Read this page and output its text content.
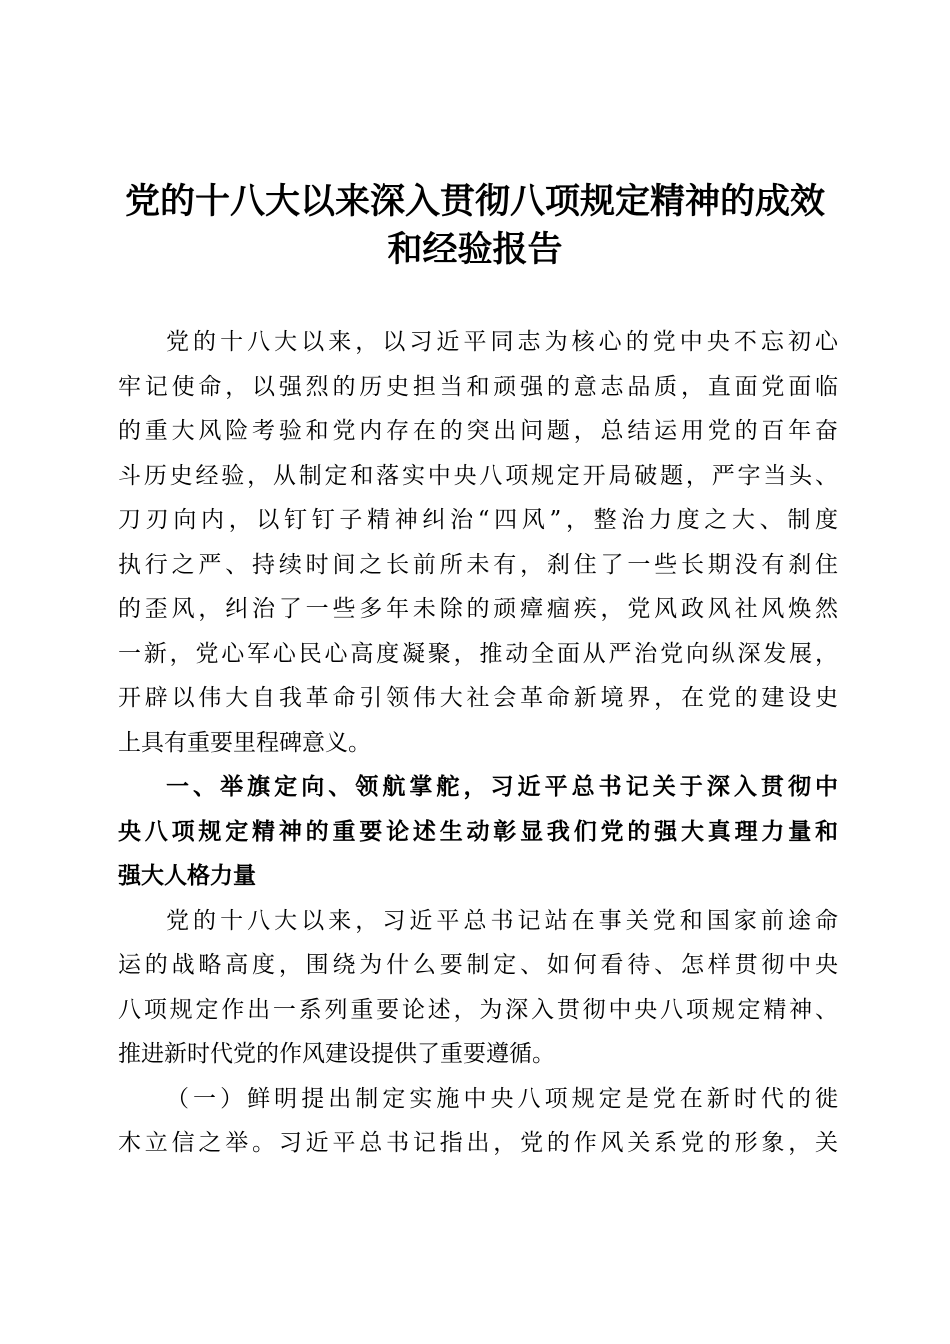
党的十八大以来深入贯彻八项规定精神的成效
和经验报告
党的十八大以来，以习近平同志为核心的党中央不忘初心
牢记使命，以强烈的历史担当和顽强的意志品质，直面党面临
的重大风险考验和党内存在的突出问题，总结运用党的百年奋
斗历史经验，从制定和落实中央八项规定开局破题，严字当头、
刀刃向内，以钉钉子精神纠治“四风”，整治力度之大、制度
执行之严、持续时间之长前所未有，刹住了一些长期没有刹住
的歪风，纠治了一些多年未除的顽瘴痼疾，党风政风社风焕然
一新，党心军心民心高度凝聚，推动全面从严治党向纵深发展，
开辟以伟大自我革命引领伟大社会革命新境界，在党的建设史
上具有重要里程碑意义。
一、举旗定向、领航掌舵，习近平总书记关于深入贯彻中
央八项规定精神的重要论述生动彰显我们党的强大真理力量和
强大人格力量
党的十八大以来，习近平总书记站在事关党和国家前途命
运的战略高度，围绕为什么要制定、如何看待、怎样贯彻中央
八项规定作出一系列重要论述，为深入贯彻中央八项规定精神、
推进新时代党的作风建设提供了重要遵循。
（一）鲜明提出制定实施中央八项规定是党在新时代的徙
木立信之举。习近平总书记指出，党的作风关系党的形象，关
